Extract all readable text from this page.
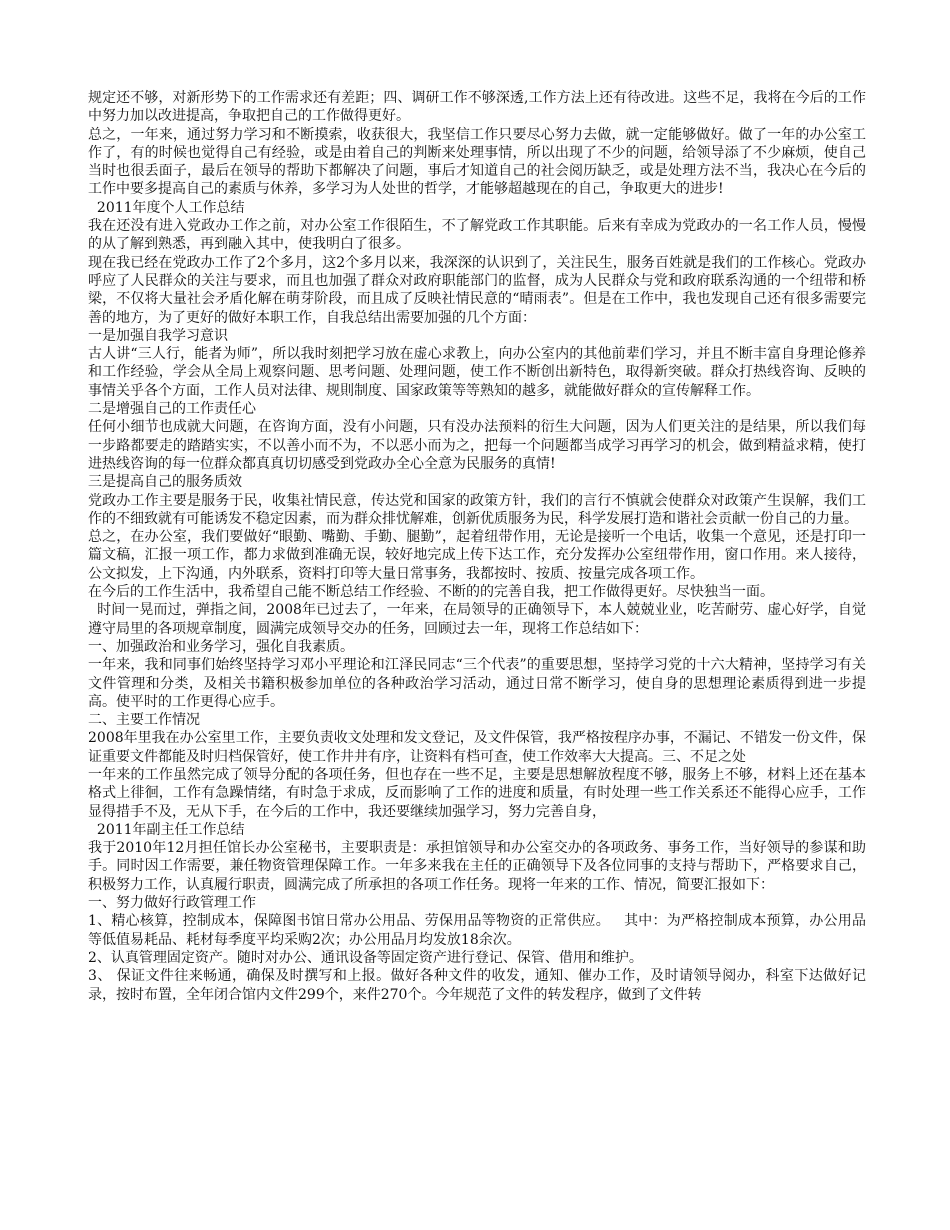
规定还不够，对新形势下的工作需求还有差距；四、调研工作不够深透,工作方法上还有待改进。这些不足，我将在今后的工作中努力加以改进提高，争取把自己的工作做得更好。

总之，一年来，通过努力学习和不断摸索，收获很大，我坚信工作只要尽心努力去做，就一定能够做好。做了一年的办公室工作了，有的时候也觉得自己有经验，或是由着自己的判断来处理事情，所以出现了不少的问题，给领导添了不少麻烦，使自己当时也很丢面子，最后在领导的帮助下都解决了问题，事后才知道自己的社会阅历缺乏，或是处理方法不当，我决心在今后的工作中要多提高自己的素质与休养，多学习为人处世的哲学，才能够超越现在的自己，争取更大的进步!

2011年度个人工作总结

我在还没有进入党政办工作之前，对办公室工作很陌生，不了解党政工作其职能。后来有幸成为党政办的一名工作人员，慢慢的从了解到熟悉，再到融入其中，使我明白了很多。

现在我已经在党政办工作了2个多月，这2个多月以来，我深深的认识到了，关注民生，服务百姓就是我们的工作核心。党政办呼应了人民群众的关注与要求，而且也加强了群众对政府职能部门的监督，成为人民群众与党和政府联系沟通的一个纽带和桥梁，不仅将大量社会矛盾化解在萌芽阶段，而且成了反映社情民意的“晴雨表”。但是在工作中，我也发现自己还有很多需要完善的地方，为了更好的做好本职工作，自我总结出需要加强的几个方面：

一是加强自我学习意识

古人讲“三人行，能者为师”，所以我时刻把学习放在虚心求教上，向办公室内的其他前辈们学习，并且不断丰富自身理论修养和工作经验，学会从全局上观察问题、思考问题、处理问题，使工作不断创出新特色，取得新突破。群众打热线咨询、反映的事情关乎各个方面，工作人员对法律、规則制度、国家政策等等熟知的越多，就能做好群众的宣传解释工作。

二是增强自己的工作责任心

任何小细节也成就大问题，在咨询方面，没有小问题，只有没办法预料的衍生大问题，因为人们更关注的是结果，所以我们每一步路都要走的踏踏实实，不以善小而不为，不以恶小而为之，把每一个问题都当成学习再学习的机会，做到精益求精，使打进热线咨询的每一位群众都真真切切感受到党政办全心全意为民服务的真情!

三是提高自己的服务质效

党政办工作主要是服务于民，收集社情民意，传达党和国家的政策方针，我们的言行不慎就会使群众对政策产生误解，我们工作的不细致就有可能诱发不稳定因素，而为群众排忧解难，创新优质服务为民，科学发展打造和谐社会贡献一份自己的力量。

总之，在办公室，我们要做好“眼勤、嘴勤、手勤、腿勤”，起着纽带作用，无论是接听一个电话，收集一个意见，还是打印一篇文稿，汇报一项工作，都力求做到准确无误，较好地完成上传下达工作，充分发挥办公室纽带作用，窗口作用。来人接待，公文拟发，上下沟通，内外联系，资料打印等大量日常事务，我都按时、按质、按量完成各项工作。

在今后的工作生活中，我希望自己能不断总结工作经验、不断的的完善自我，把工作做得更好。尽快独当一面。

时间一晃而过，弹指之间，2008年已过去了，一年来，在局领导的正确领导下，本人兢兢业业，吃苦耐劳、虚心好学，自觉遵守局里的各项规章制度，圆满完成领导交办的任务，回顾过去一年，现将工作总结如下：

一、加强政治和业务学习，强化自我素质。

一年来，我和同事们始终坚持学习邓小平理论和江泽民同志“三个代表”的重要思想，坚持学习党的十六大精神，坚持学习有关文件管理和分类，及相关书籍积极参加单位的各种政治学习活动，通过日常不断学习，使自身的思想理论素质得到进一步提高。使平时的工作更得心应手。

二、主要工作情况

2008年里我在办公室里工作，主要负责收文处理和发文登记，及文件保管，我严格按程序办事，不漏记、不错发一份文件，保证重要文件都能及时归档保管好，使工作井井有序，让资料有档可查，使工作效率大大提高。三、不足之处

一年来的工作虽然完成了领导分配的各项任务，但也存在一些不足，主要是思想解放程度不够，服务上不够，材料上还在基本格式上徘徊，工作有急躁情绪，有时急于求成，反而影响了工作的进度和质量，有时处理一些工作关系还不能得心应手，工作显得措手不及，无从下手，在今后的工作中，我还要继续加强学习，努力完善自身，

2011年副主任工作总结

我于2010年12月担任馆长办公室秘书，主要职责是：承担馆领导和办公室交办的各项政务、事务工作，当好领导的参谋和助手。同时因工作需要，兼任物资管理保障工作。一年多来我在主任的正确领导下及各位同事的支持与帮助下，严格要求自己，积极努力工作，认真履行职责，圆满完成了所承担的各项工作任务。现将一年来的工作、情况，简要汇报如下：

一、努力做好行政管理工作

1、精心核算，控制成本，保障图书馆日常办公用品、劳保用品等物资的正常供应。   其中：为严格控制成本预算，办公用品等低值易耗品、耗材每季度平均采购2次；办公用品月均发放18余次。

2、认真管理固定资产。随时对办公、通讯设备等固定资产进行登记、保管、借用和维护。

3、 保证文件往来畅通，确保及时撰写和上报。做好各种文件的收发，通知、催办工作，及时请领导阅办，科室下达做好记录，按时布置，全年闭合馆内文件299个，来件270个。今年规范了文件的转发程序，做到了文件转
